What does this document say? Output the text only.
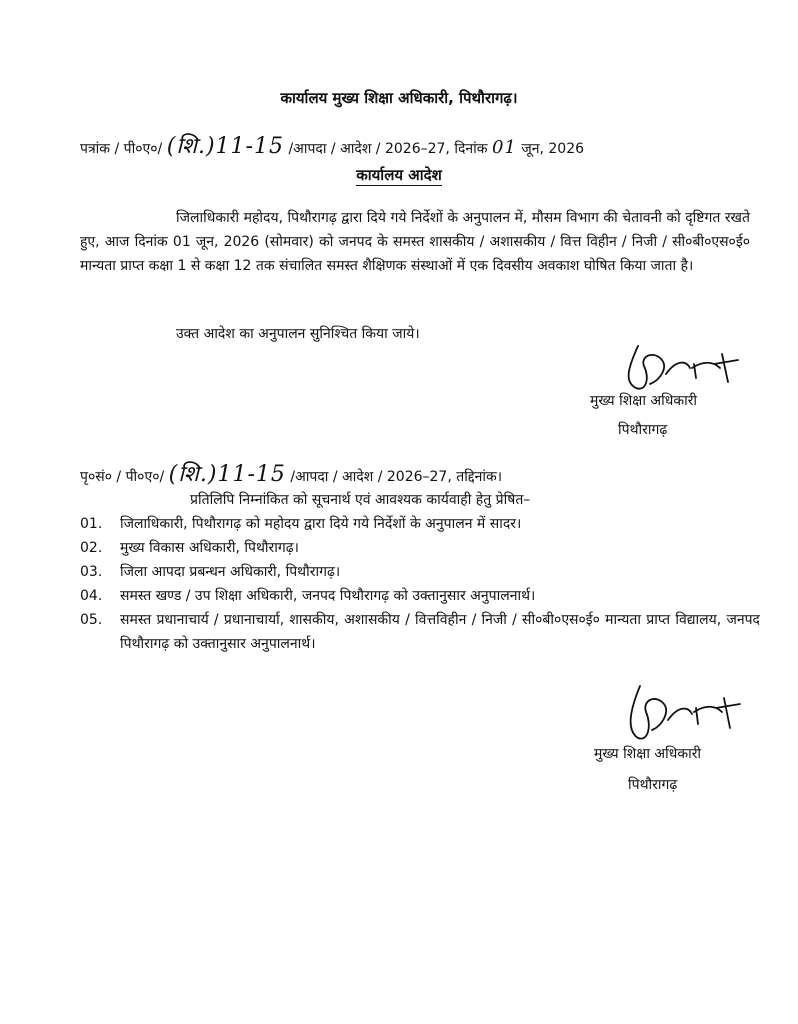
कार्यालय मुख्य शिक्षा अधिकारी, पिथौरागढ़।
पत्रांक / पी०ए०/ (शि.)11-15 /आपदा / आदेश / 2026–27, दिनांक 01 जून, 2026
कार्यालय आदेश
जिलाधिकारी महोदय, पिथौरागढ़ द्वारा दिये गये निर्देशों के अनुपालन में, मौसम विभाग की चेतावनी को दृष्टिगत रखते हुए, आज दिनांक 01 जून, 2026 (सोमवार) को जनपद के समस्त शासकीय / अशासकीय / वित्त विहीन / निजी / सी०बी०एस०ई० मान्यता प्राप्त कक्षा 1 से कक्षा 12 तक संचालित समस्त शैक्षिणक संस्थाओं में एक दिवसीय अवकाश घोषित किया जाता है।
उक्त आदेश का अनुपालन सुनिश्चित किया जाये।
मुख्य शिक्षा अधिकारी
पिथौरागढ़
पृ०सं० / पी०ए०/ (शि.)11-15 /आपदा / आदेश / 2026–27, तद्दिनांक।
प्रतिलिपि निम्नांकित को सूचनार्थ एवं आवश्यक कार्यवाही हेतु प्रेषित–
01.	जिलाधिकारी, पिथौरागढ़ को महोदय द्वारा दिये गये निर्देशों के अनुपालन में सादर।
02.	मुख्य विकास अधिकारी, पिथौरागढ़।
03.	जिला आपदा प्रबन्धन अधिकारी, पिथौरागढ़।
04.	समस्त खण्ड / उप शिक्षा अधिकारी, जनपद पिथौरागढ़ को उक्तानुसार अनुपालनार्थ।
05.	समस्त प्रधानाचार्य / प्रधानाचार्या, शासकीय, अशासकीय / वित्तविहीन / निजी / सी०बी०एस०ई० मान्यता प्राप्त विद्यालय, जनपद पिथौरागढ़ को उक्तानुसार अनुपालनार्थ।
मुख्य शिक्षा अधिकारी
पिथौरागढ़
